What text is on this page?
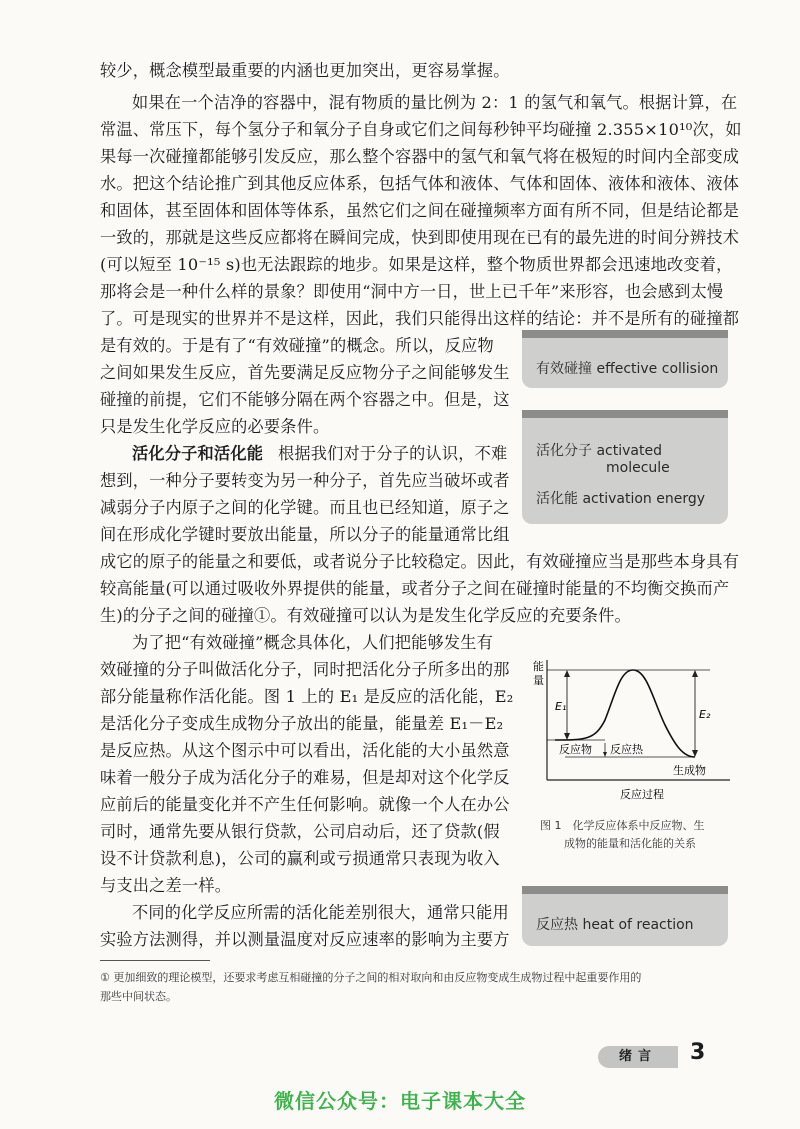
较少，概念模型最重要的内涵也更加突出，更容易掌握。
如果在一个洁净的容器中，混有物质的量比例为 2：1 的氢气和氧气。根据计算，在
常温、常压下，每个氢分子和氧分子自身或它们之间每秒钟平均碰撞 2.355×10¹⁰次，如
果每一次碰撞都能够引发反应，那么整个容器中的氢气和氧气将在极短的时间内全部变成
水。把这个结论推广到其他反应体系，包括气体和液体、气体和固体、液体和液体、液体
和固体，甚至固体和固体等体系，虽然它们之间在碰撞频率方面有所不同，但是结论都是
一致的，那就是这些反应都将在瞬间完成，快到即使用现在已有的最先进的时间分辨技术
(可以短至 10⁻¹⁵ s)也无法跟踪的地步。如果是这样，整个物质世界都会迅速地改变着，
那将会是一种什么样的景象？即使用“洞中方一日，世上已千年”来形容，也会感到太慢
了。可是现实的世界并不是这样，因此，我们只能得出这样的结论：并不是所有的碰撞都
是有效的。于是有了“有效碰撞”的概念。所以，反应物
之间如果发生反应，首先要满足反应物分子之间能够发生
碰撞的前提，它们不能够分隔在两个容器之中。但是，这
只是发生化学反应的必要条件。
根据我们对于分子的认识，不难
想到，一种分子要转变为另一种分子，首先应当破坏或者
减弱分子内原子之间的化学键。而且也已经知道，原子之
间在形成化学键时要放出能量，所以分子的能量通常比组
成它的原子的能量之和要低，或者说分子比较稳定。因此，有效碰撞应当是那些本身具有
较高能量(可以通过吸收外界提供的能量，或者分子之间在碰撞时能量的不均衡交换而产
生)的分子之间的碰撞①。有效碰撞可以认为是发生化学反应的充要条件。
为了把“有效碰撞”概念具体化，人们把能够发生有
效碰撞的分子叫做活化分子，同时把活化分子所多出的那
部分能量称作活化能。图 1 上的 E₁ 是反应的活化能，E₂
是活化分子变成生成物分子放出的能量，能量差 E₁－E₂
是反应热。从这个图示中可以看出，活化能的大小虽然意
味着一般分子成为活化分子的难易，但是却对这个化学反
应前后的能量变化并不产生任何影响。就像一个人在办公
司时，通常先要从银行贷款，公司启动后，还了贷款(假
设不计贷款利息)，公司的赢利或亏损通常只表现为收入
与支出之差一样。
不同的化学反应所需的活化能差别很大，通常只能用
实验方法测得，并以测量温度对反应速率的影响为主要方
活化分子和活化能
有效碰撞 effective collision
活化分子 activated
molecule
活化能 activation energy
反应热 heat of reaction
能
量
E₁
E₂
反应物 反应热
生成物
反应过程
图 1　化学反应体系中反应物、生
成物的能量和活化能的关系
① 更加细致的理论模型，还要求考虑互相碰撞的分子之间的相对取向和由反应物变成生成物过程中起重要作用的
那些中间状态。
绪言	3
微信公众号：电子课本大全
